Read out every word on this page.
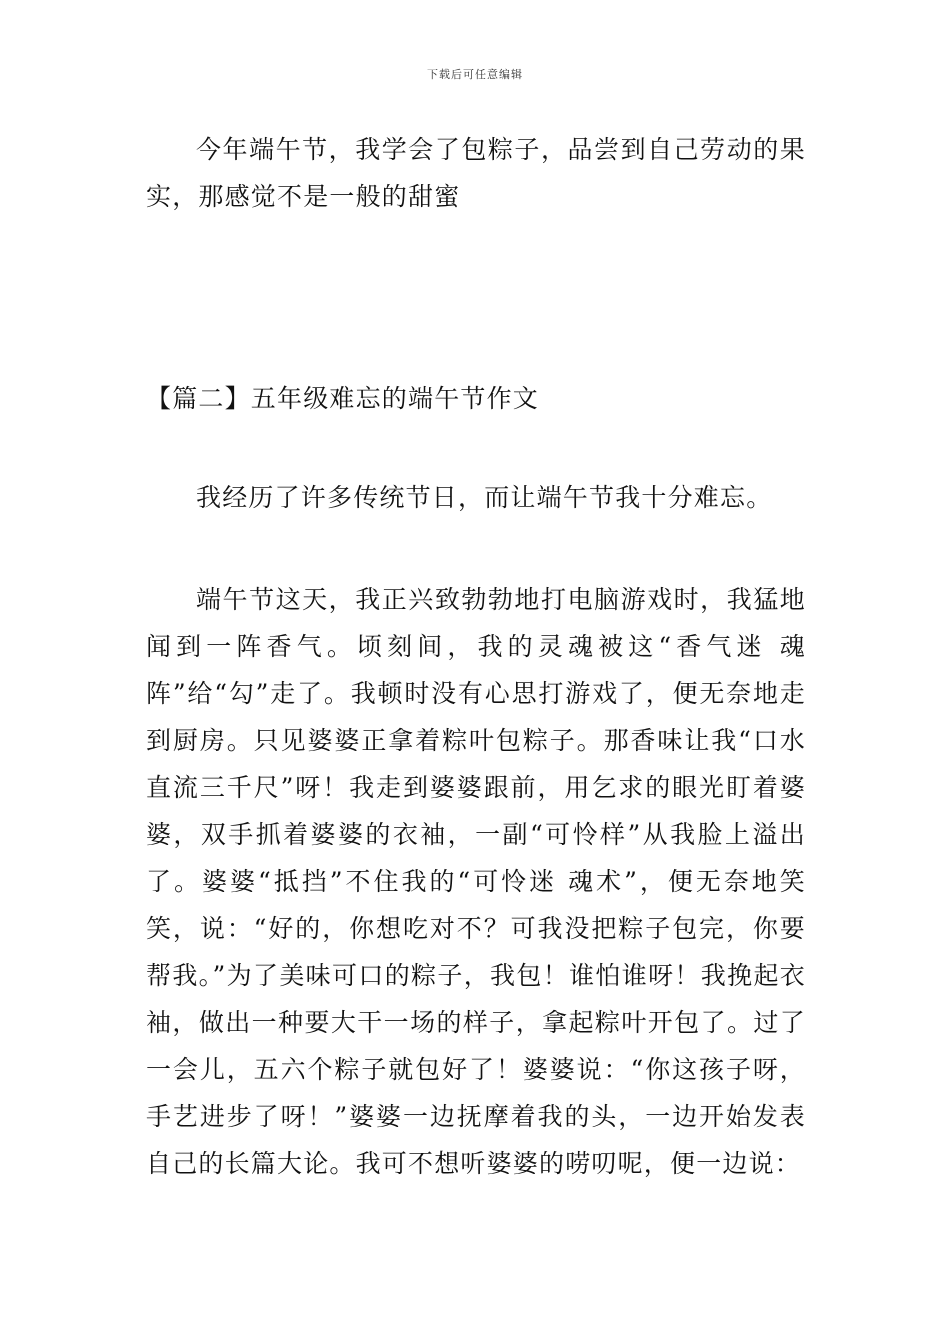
下载后可任意编辑

今年端午节，我学会了包粽子，品尝到自己劳动的果实，那感觉不是一般的甜蜜

【篇二】五年级难忘的端午节作文

我经历了许多传统节日，而让端午节我十分难忘。

端午节这天，我正兴致勃勃地打电脑游戏时，我猛地闻到一阵香气。顷刻间，我的灵魂被这“香气迷 魂阵”给“勾”走了。我顿时没有心思打游戏了，便无奈地走到厨房。只见婆婆正拿着粽叶包粽子。那香味让我“口水直流三千尺”呀！我走到婆婆跟前，用乞求的眼光盯着婆婆，双手抓着婆婆的衣袖，一副“可怜样”从我脸上溢出了。婆婆“抵挡”不住我的“可怜迷 魂术”，便无奈地笑笑，说：“好的，你想吃对不？可我没把粽子包完，你要帮我。”为了美味可口的粽子，我包！谁怕谁呀！我挽起衣袖，做出一种要大干一场的样子，拿起粽叶开包了。过了一会儿，五六个粽子就包好了！婆婆说：“你这孩子呀，手艺进步了呀！”婆婆一边抚摩着我的头，一边开始发表自己的长篇大论。我可不想听婆婆的唠叨呢，便一边说：
